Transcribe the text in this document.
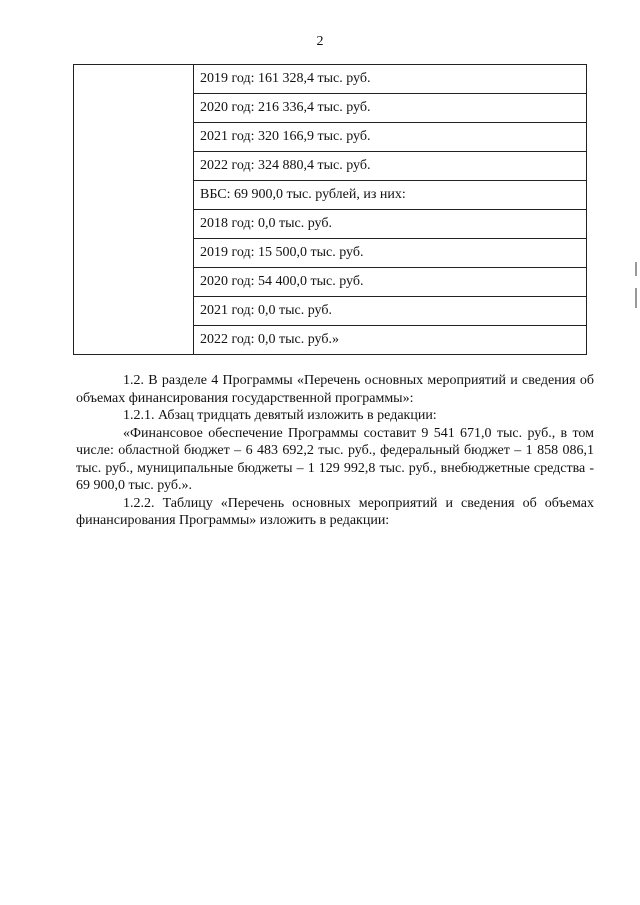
2
	2019 год: 161 328,4 тыс. руб.
2020 год: 216 336,4 тыс. руб.
2021 год: 320 166,9 тыс. руб.
2022 год: 324 880,4 тыс. руб.
ВБС: 69 900,0 тыс. рублей, из них:
2018 год: 0,0 тыс. руб.
2019 год: 15 500,0 тыс. руб.
2020 год: 54 400,0 тыс. руб.
2021 год: 0,0 тыс. руб.
2022 год: 0,0 тыс. руб.»

1.2. В разделе 4 Программы «Перечень основных мероприятий и сведения об объемах финансирования государственной программы»:

1.2.1. Абзац тридцать девятый изложить в редакции:

«Финансовое обеспечение Программы составит 9 541 671,0 тыс. руб., в том числе: областной бюджет – 6 483 692,2 тыс. руб., федеральный бюджет – 1 858 086,1 тыс. руб., муниципальные бюджеты – 1 129 992,8 тыс. руб., внебюджетные средства - 69 900,0 тыс. руб.».

1.2.2. Таблицу «Перечень основных мероприятий и сведения об объемах финансирования Программы» изложить в редакции:
